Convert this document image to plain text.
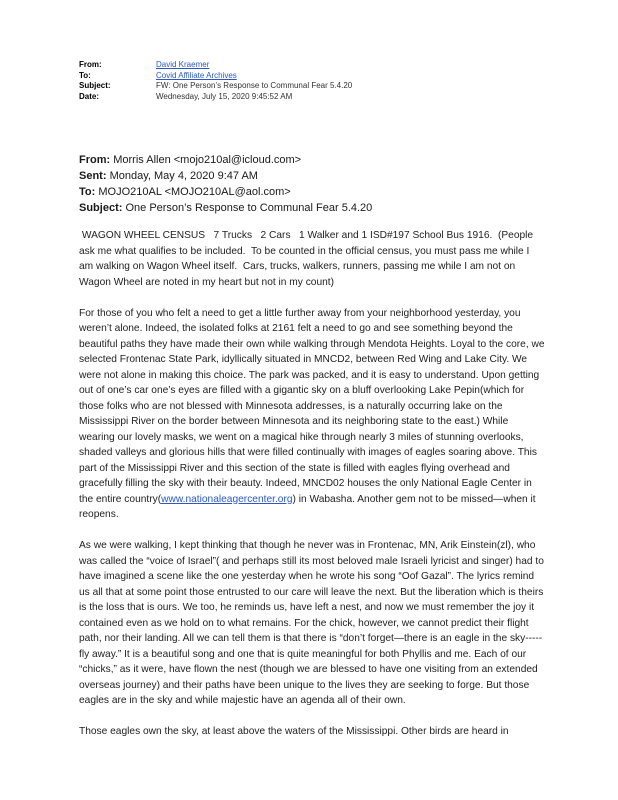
From:	David Kraemer
To:	Covid Affiliate Archives
Subject:	FW: One Person’s Response to Communal Fear 5.4.20
Date:	Wednesday, July 15, 2020 9:45:52 AM
From: Morris Allen <mojo210al@icloud.com>
Sent: Monday, May 4, 2020 9:47 AM
To: MOJO210AL <MOJO210AL@aol.com>
Subject: One Person’s Response to Communal Fear 5.4.20

WAGON WHEEL CENSUS   7 Trucks   2 Cars   1 Walker and 1 ISD#197 School Bus 1916.  (People ask me what qualifies to be included.  To be counted in the official census, you must pass me while I am walking on Wagon Wheel itself.  Cars, trucks, walkers, runners, passing me while I am not on Wagon Wheel are noted in my heart but not in my count)

For those of you who felt a need to get a little further away from your neighborhood yesterday, you weren’t alone. Indeed, the isolated folks at 2161 felt a need to go and see something beyond the beautiful paths they have made their own while walking through Mendota Heights. Loyal to the core, we selected Frontenac State Park, idyllically situated in MNCD2, between Red Wing and Lake City. We were not alone in making this choice. The park was packed, and it is easy to understand. Upon getting out of one’s car one’s eyes are filled with a gigantic sky on a bluff overlooking Lake Pepin(which for those folks who are not blessed with Minnesota addresses, is a naturally occurring lake on the Mississippi River on the border between Minnesota and its neighboring state to the east.) While wearing our lovely masks, we went on a magical hike through nearly 3 miles of stunning overlooks, shaded valleys and glorious hills that were filled continually with images of eagles soaring above. This part of the Mississippi River and this section of the state is filled with eagles flying overhead and gracefully filling the sky with their beauty. Indeed, MNCD02 houses the only National Eagle Center in the entire country(www.nationaleagercenter.org) in Wabasha. Another gem not to be missed—when it reopens.

As we were walking, I kept thinking that though he never was in Frontenac, MN, Arik Einstein(zl), who was called the “voice of Israel”( and perhaps still its most beloved male Israeli lyricist and singer) had to have imagined a scene like the one yesterday when he wrote his song “Oof Gazal”. The lyrics remind us all that at some point those entrusted to our care will leave the next. But the liberation which is theirs is the loss that is ours. We too, he reminds us, have left a nest, and now we must remember the joy it contained even as we hold on to what remains. For the chick, however, we cannot predict their flight path, nor their landing. All we can tell them is that there is “don’t forget—there is an eagle in the sky-----fly away.” It is a beautiful song and one that is quite meaningful for both Phyllis and me. Each of our “chicks,” as it were, have flown the nest (though we are blessed to have one visiting from an extended overseas journey) and their paths have been unique to the lives they are seeking to forge. But those eagles are in the sky and while majestic have an agenda all of their own.

Those eagles own the sky, at least above the waters of the Mississippi. Other birds are heard in
